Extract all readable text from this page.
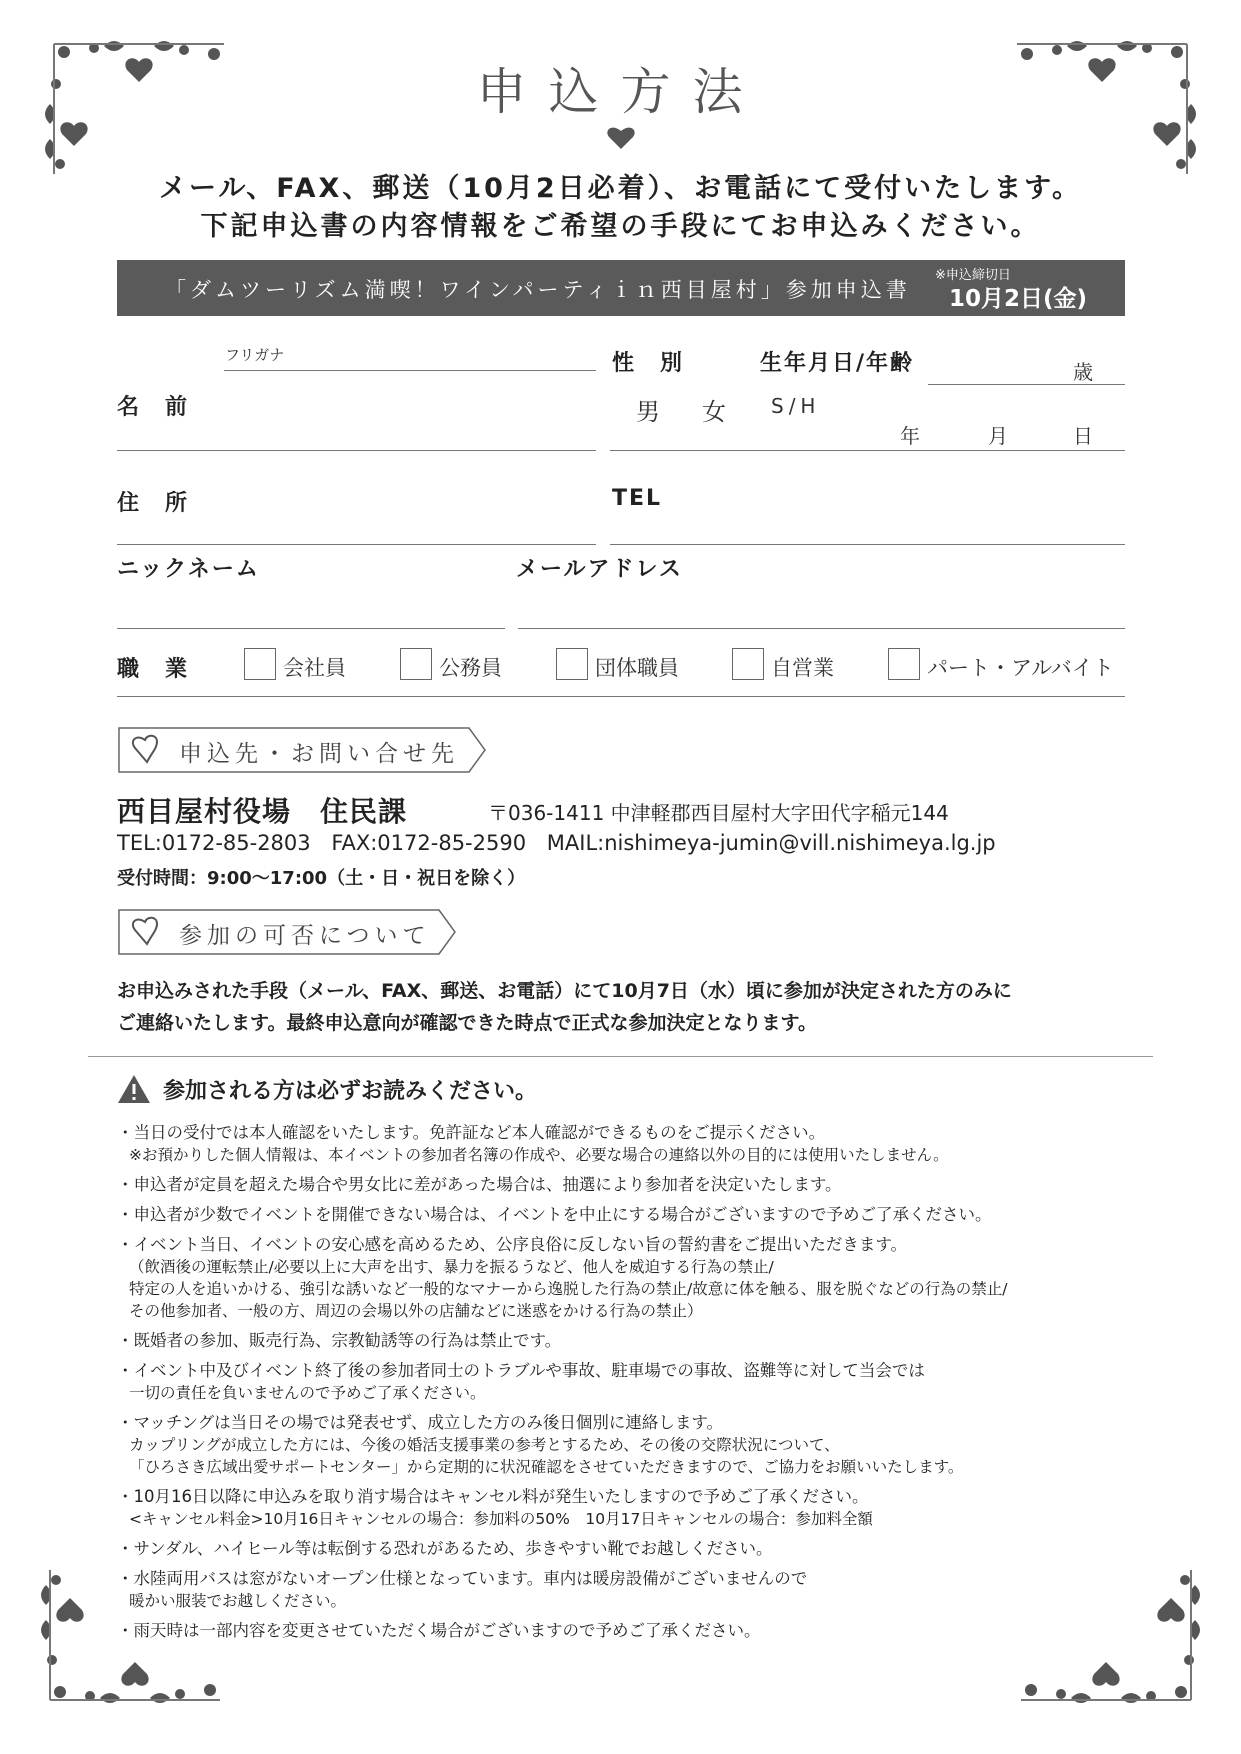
申込方法
メール、FAX、郵送（10月2日必着）、お電話にて受付いたします。
下記申込書の内容情報をご希望の手段にてお申込みください。
「ダムツーリズム満喫！ワインパーティｉｎ西目屋村」参加申込書
※申込締切日
10月2日(金)
フリガナ
名　前
性　別
男 女
生年月日/年齢	歳
S/H
年	月	日
住　所	TEL
ニックネーム	メールアドレス
職　業	会社員	公務員	団体職員	自営業	パート・アルバイト
申込先・お問い合せ先
西目屋村役場　住民課	〒036-1411 中津軽郡西目屋村大字田代字稲元144
TEL:0172-85-2803 FAX:0172-85-2590 MAIL:nishimeya-jumin@vill.nishimeya.lg.jp
受付時間：9:00〜17:00（土・日・祝日を除く）
参加の可否について
お申込みされた手段（メール、FAX、郵送、お電話）にて10月7日（水）頃に参加が決定された方のみに
ご連絡いたします。最終申込意向が確認できた時点で正式な参加決定となります。
参加される方は必ずお読みください。
・当日の受付では本人確認をいたします。免許証など本人確認ができるものをご提示ください。
※お預かりした個人情報は、本イベントの参加者名簿の作成や、必要な場合の連絡以外の目的には使用いたしません。
・申込者が定員を超えた場合や男女比に差があった場合は、抽選により参加者を決定いたします。
・申込者が少数でイベントを開催できない場合は、イベントを中止にする場合がございますので予めご了承ください。
・イベント当日、イベントの安心感を高めるため、公序良俗に反しない旨の誓約書をご提出いただきます。
（飲酒後の運転禁止/必要以上に大声を出す、暴力を振るうなど、他人を威迫する行為の禁止/
特定の人を追いかける、強引な誘いなど一般的なマナーから逸脱した行為の禁止/故意に体を触る、服を脱ぐなどの行為の禁止/
その他参加者、一般の方、周辺の会場以外の店舗などに迷惑をかける行為の禁止）
・既婚者の参加、販売行為、宗教勧誘等の行為は禁止です。
・イベント中及びイベント終了後の参加者同士のトラブルや事故、駐車場での事故、盗難等に対して当会では
一切の責任を負いませんので予めご了承ください。
・マッチングは当日その場では発表せず、成立した方のみ後日個別に連絡します。
カップリングが成立した方には、今後の婚活支援事業の参考とするため、その後の交際状況について、
「ひろさき広域出愛サポートセンター」から定期的に状況確認をさせていただきますので、ご協力をお願いいたします。
・10月16日以降に申込みを取り消す場合はキャンセル料が発生いたしますので予めご了承ください。
<キャンセル料金>10月16日キャンセルの場合：参加料の50%　10月17日キャンセルの場合：参加料全額
・サンダル、ハイヒール等は転倒する恐れがあるため、歩きやすい靴でお越しください。
・水陸両用バスは窓がないオープン仕様となっています。車内は暖房設備がございませんので
暖かい服装でお越しください。
・雨天時は一部内容を変更させていただく場合がございますので予めご了承ください。
